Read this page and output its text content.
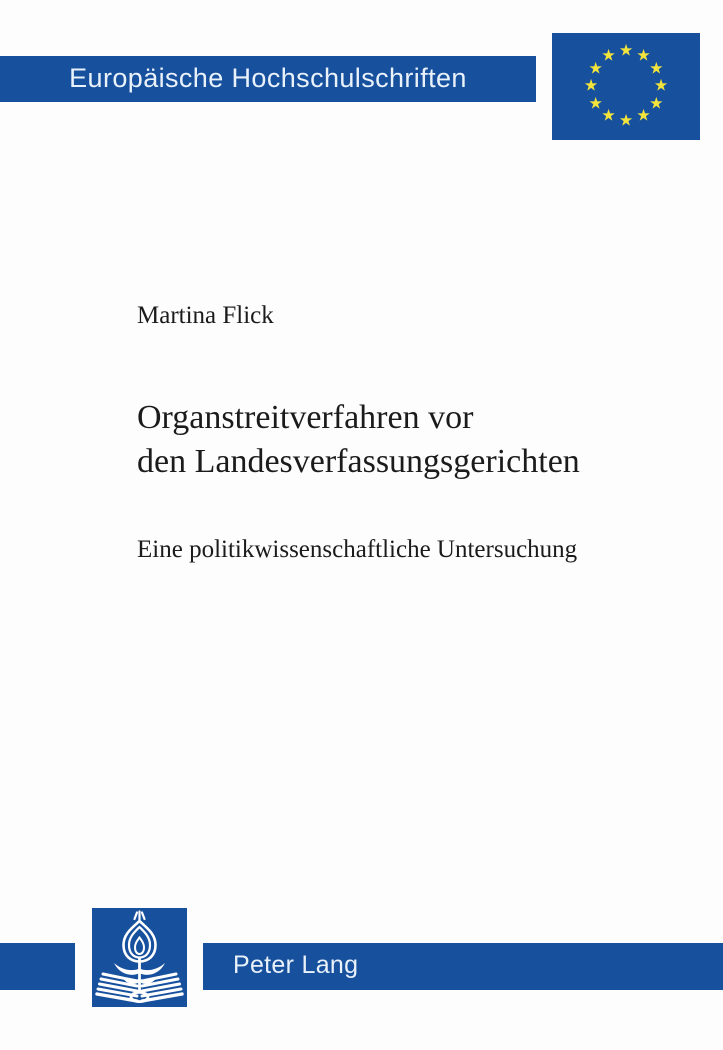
Europäische Hochschulschriften
★ ★
★
★
★
★
★
★
★
★
★
★
Martina Flick
Organstreitverfahren vor
den Landesverfassungsgerichten
Eine politikwissenschaftliche Untersuchung
Peter Lang
